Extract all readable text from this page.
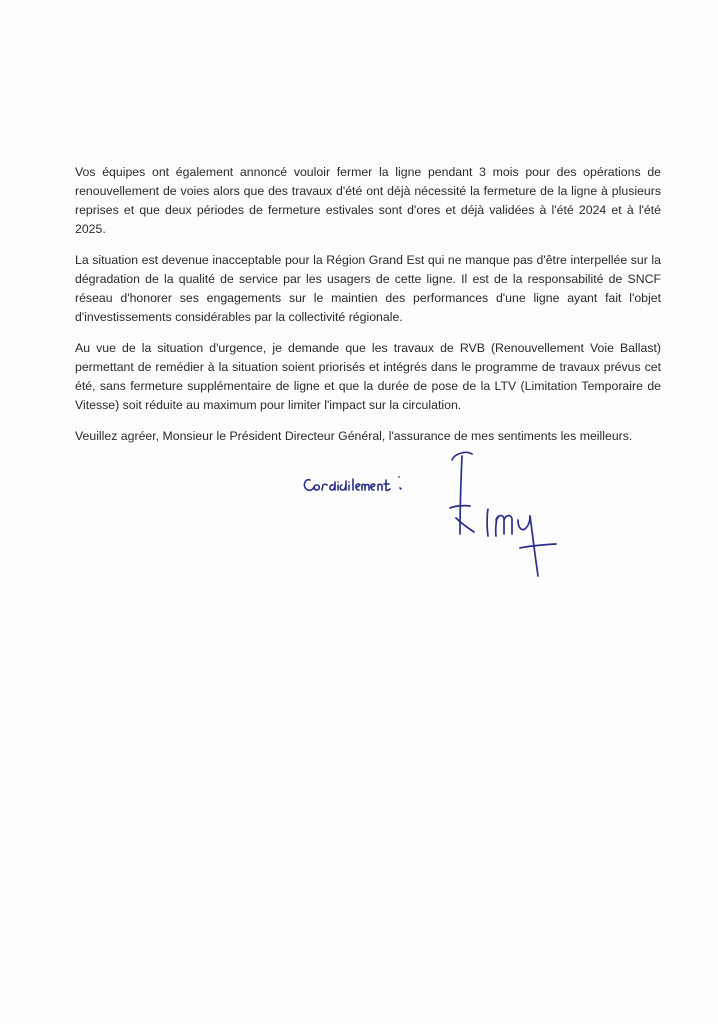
Vos équipes ont également annoncé vouloir fermer la ligne pendant 3 mois pour des opérations de renouvellement de voies alors que des travaux d'été ont déjà nécessité la fermeture de la ligne à plusieurs reprises et que deux périodes de fermeture estivales sont d'ores et déjà validées à l'été 2024 et à l'été 2025.

La situation est devenue inacceptable pour la Région Grand Est qui ne manque pas d'être interpellée sur la dégradation de la qualité de service par les usagers de cette ligne. Il est de la responsabilité de SNCF réseau d'honorer ses engagements sur le maintien des performances d'une ligne ayant fait l'objet d'investissements considérables par la collectivité régionale.

Au vue de la situation d'urgence, je demande que les travaux de RVB (Renouvellement Voie Ballast) permettant de remédier à la situation soient priorisés et intégrés dans le programme de travaux prévus cet été, sans fermeture supplémentaire de ligne et que la durée de pose de la LTV (Limitation Temporaire de Vitesse) soit réduite au maximum pour limiter l'impact sur la circulation.

Veuillez agréer, Monsieur le Président Directeur Général, l'assurance de mes sentiments les meilleurs.
